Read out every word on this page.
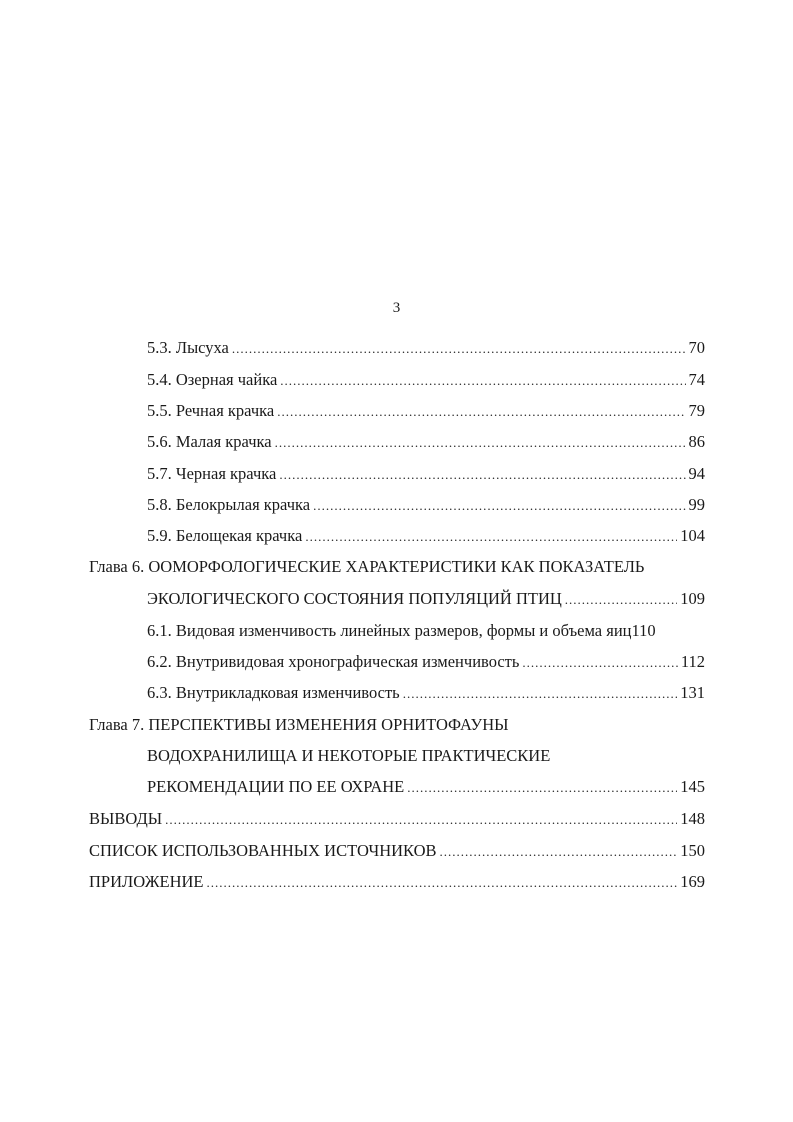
3
5.3. Лысуха .....	70
5.4. Озерная чайка .....	74
5.5. Речная крачка .....	79
5.6. Малая крачка .....	86
5.7. Черная крачка .....	94
5.8. Белокрылая крачка .....	99
5.9. Белощекая крачка .....	104
Глава 6. ООМОРФОЛОГИЧЕСКИЕ ХАРАКТЕРИСТИКИ КАК ПОКАЗАТЕЛЬ
ЭКОЛОГИЧЕСКОГО СОСТОЯНИЯ ПОПУЛЯЦИЙ ПТИЦ .....	109
6.1. Видовая изменчивость линейных размеров, формы и объема яиц 110
6.2. Внутривидовая хронографическая изменчивость .....	112
6.3. Внутрикладковая изменчивость .....	131
Глава 7. ПЕРСПЕКТИВЫ ИЗМЕНЕНИЯ ОРНИТОФАУНЫ
ВОДОХРАНИЛИЩА И НЕКОТОРЫЕ ПРАКТИЧЕСКИЕ
РЕКОМЕНДАЦИИ ПО ЕЕ ОХРАНЕ .....	145
ВЫВОДЫ .....	148
СПИСОК ИСПОЛЬЗОВАННЫХ ИСТОЧНИКОВ .....	150
ПРИЛОЖЕНИЕ .....	169
